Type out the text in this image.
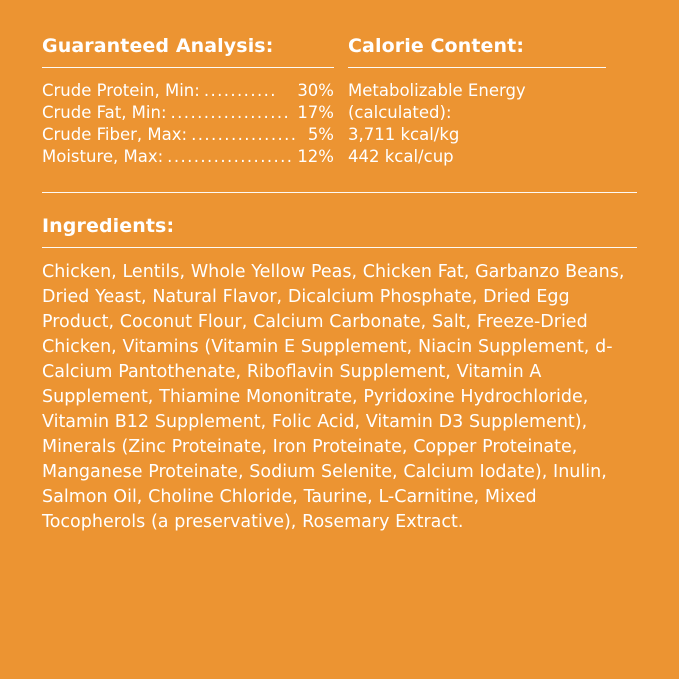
Guaranteed Analysis:
Crude Protein, Min: ...........	30%
Crude Fat, Min: .................. 17%
Crude Fiber, Max: ................ 5%
Moisture, Max: ................... 12%
Calorie Content:
Metabolizable Energy
(calculated):
3,711 kcal/kg
442 kcal/cup
Ingredients:
Chicken, Lentils, Whole Yellow Peas, Chicken Fat, Garbanzo Beans, Dried Yeast, Natural Flavor, Dicalcium Phosphate, Dried Egg Product, Coconut Flour, Calcium Carbonate, Salt, Freeze-Dried Chicken, Vitamins (Vitamin E Supplement, Niacin Supplement, d-Calcium Pantothenate, Riboflavin Supplement, Vitamin A Supplement, Thiamine Mononitrate, Pyridoxine Hydrochloride, Vitamin B12 Supplement, Folic Acid, Vitamin D3 Supplement), Minerals (Zinc Proteinate, Iron Proteinate, Copper Proteinate, Manganese Proteinate, Sodium Selenite, Calcium Iodate), Inulin, Salmon Oil, Choline Chloride, Taurine, L-Carnitine, Mixed Tocopherols (a preservative), Rosemary Extract.
